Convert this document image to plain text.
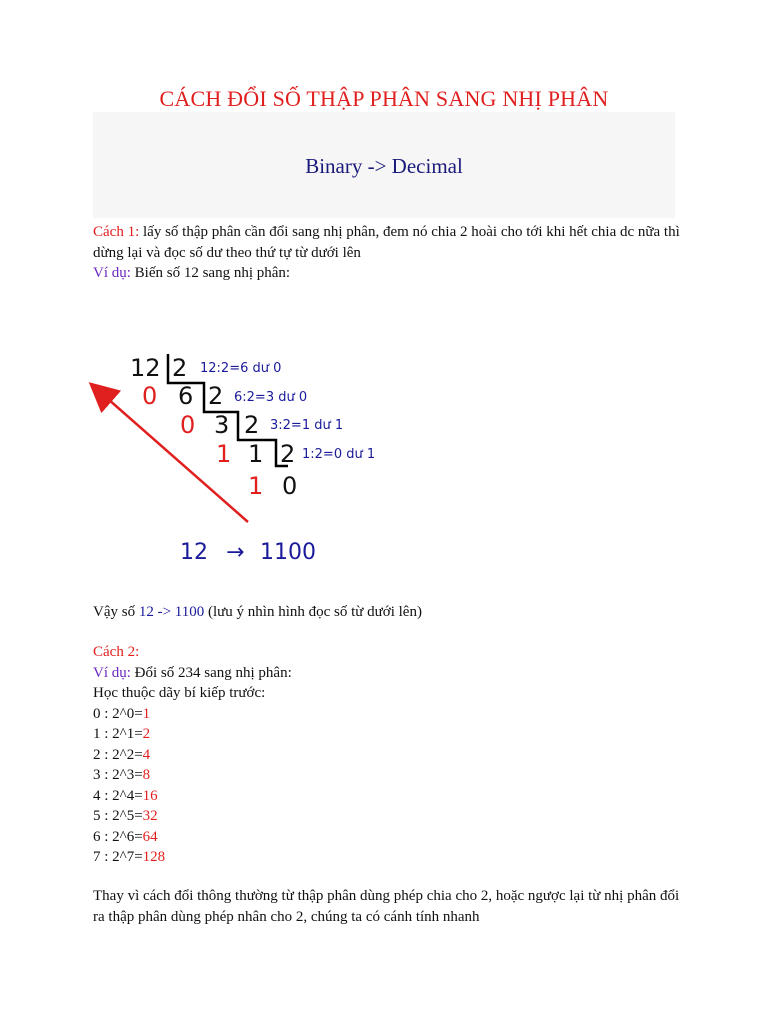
CÁCH ĐỔI SỐ THẬP PHÂN SANG NHỊ PHÂN
Binary -> Decimal
Cách 1: lấy số thập phân cần đổi sang nhị phân, đem nó chia 2 hoài cho tới khi hết chia dc nữa thì dừng lại và đọc số dư theo thứ tự từ dưới lên
Ví dụ: Biến số 12 sang nhị phân:
12
6
3
1
0
2
2
2
2
0
0
1
1
12:2=6 dư 0
6:2=3 dư 0
3:2=1 dư 1
1:2=0 dư 1
12 → 1100
Vậy số 12 -> 1100 (lưu ý nhìn hình đọc số từ dưới lên)
Cách 2:
Ví dụ: Đổi số 234 sang nhị phân:
Học thuộc dãy bí kiếp trước:
0 : 2^0=1
1 : 2^1=2
2 : 2^2=4
3 : 2^3=8
4 : 2^4=16
5 : 2^5=32
6 : 2^6=64
7 : 2^7=128
Thay vì cách đổi thông thường từ thập phân dùng phép chia cho 2, hoặc ngược lại từ nhị phân đổi ra thập phân dùng phép nhân cho 2, chúng ta có cánh tính nhanh
